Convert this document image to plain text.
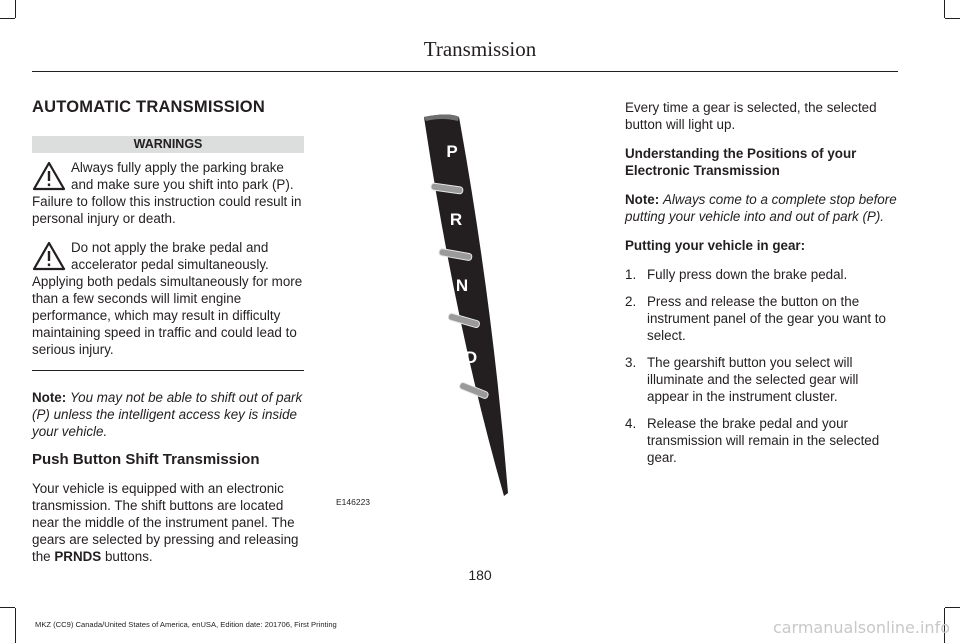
Transmission
AUTOMATIC TRANSMISSION
WARNINGS
Always fully apply the parking brake and make sure you shift into park (P).
Failure to follow this instruction could result in personal injury or death.
Do not apply the brake pedal and accelerator pedal simultaneously.
Applying both pedals simultaneously for more than a few seconds will limit engine performance, which may result in difficulty maintaining speed in traffic and could lead to serious injury.

Note: You may not be able to shift out of park (P) unless the intelligent access key is inside your vehicle.

Push Button Shift Transmission

Your vehicle is equipped with an electronic transmission. The shift buttons are located near the middle of the instrument panel. The gears are selected by pressing and releasing the PRNDS buttons.

P
R
N
D
S
E146223

Every time a gear is selected, the selected button will light up.

Understanding the Positions of your Electronic Transmission

Note: Always come to a complete stop before putting your vehicle into and out of park (P).

Putting your vehicle in gear:

1. Fully press down the brake pedal.
2. Press and release the button on the instrument panel of the gear you want to select.
3. The gearshift button you select will illuminate and the selected gear will appear in the instrument cluster.
4. Release the brake pedal and your transmission will remain in the selected gear.
180
MKZ (CC9) Canada/United States of America, enUSA, Edition date: 201706, First Printing	carmanualsonline.info
